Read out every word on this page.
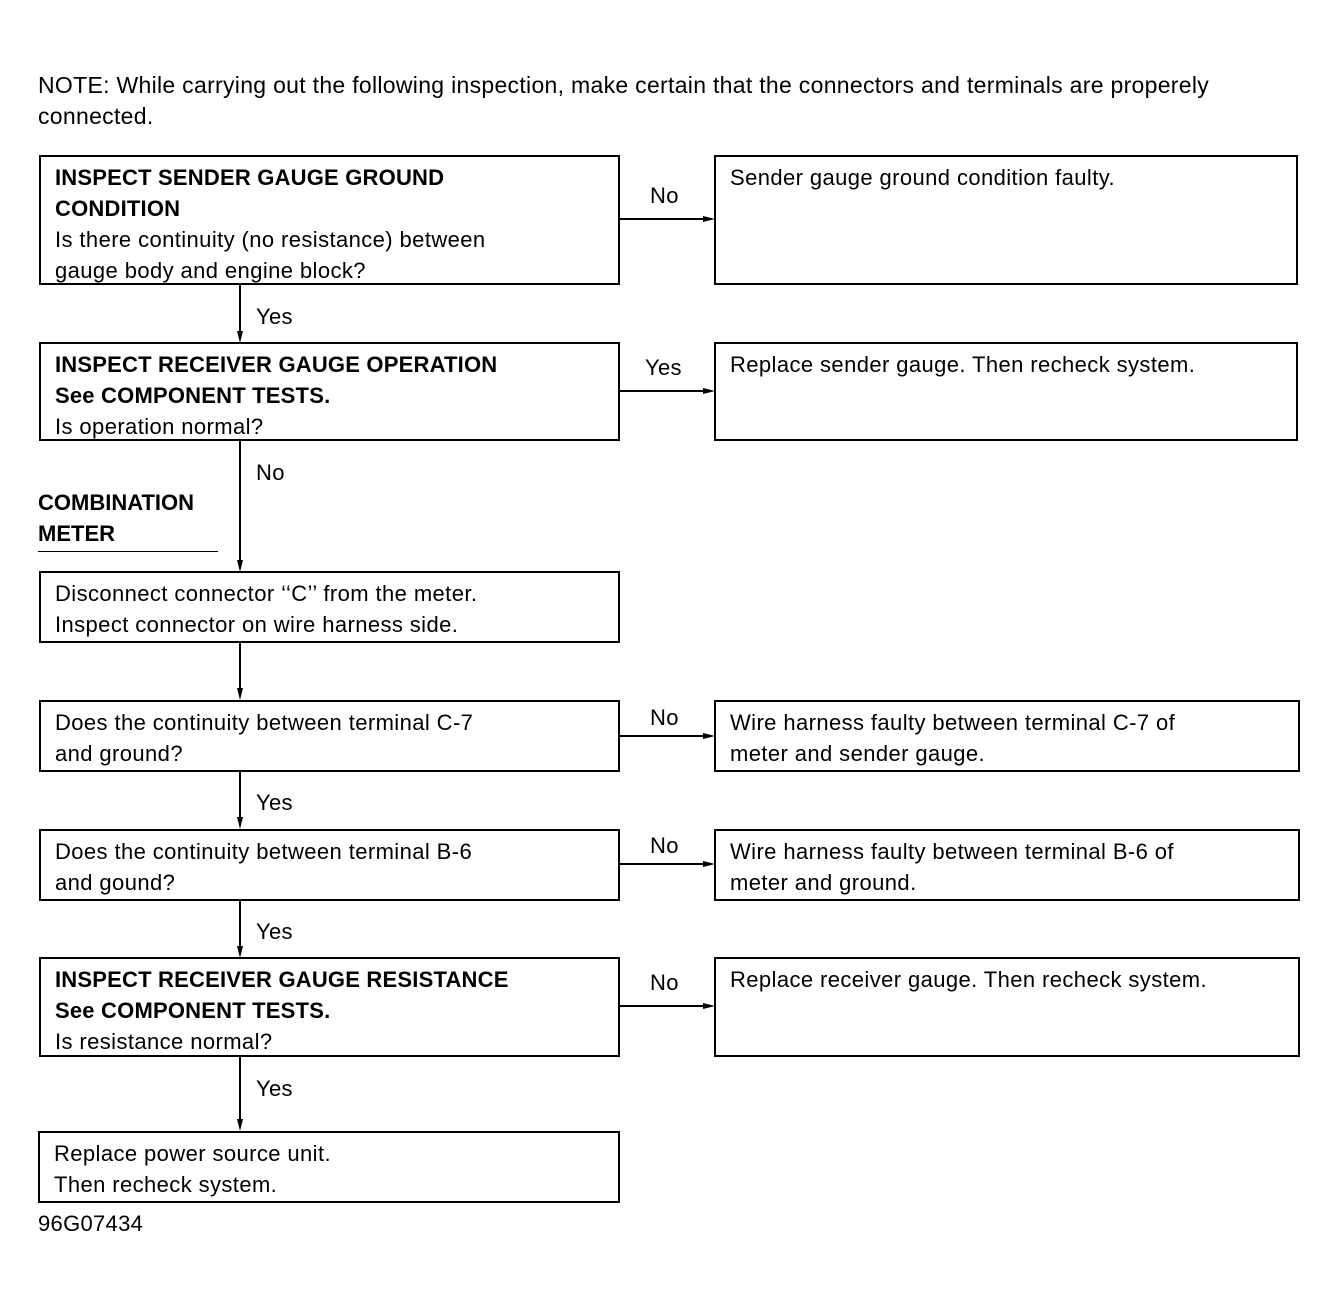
NOTE: While carrying out the following inspection, make certain that the connectors and terminals are properely connected.
INSPECT SENDER GAUGE GROUND
CONDITION
Is there continuity (no resistance) between
gauge body and engine block?
No
Sender gauge ground condition faulty.
Yes
INSPECT RECEIVER GAUGE OPERATION
See COMPONENT TESTS.
Is operation normal?
Yes Replace sender gauge. Then recheck system.
No
COMBINATION
METER
Disconnect connector ‘‘C’’ from the meter.
Inspect connector on wire harness side.
Does the continuity between terminal C-7
and ground?
No Wire harness faulty between terminal C-7 of
meter and sender gauge.
Yes
Does the continuity between terminal B-6
and gound?
No Wire harness faulty between terminal B-6 of
meter and ground.
Yes
INSPECT RECEIVER GAUGE RESISTANCE
See COMPONENT TESTS.
Is resistance normal?
No Replace receiver gauge. Then recheck system.
Yes
Replace power source unit.
Then recheck system.
96G07434
